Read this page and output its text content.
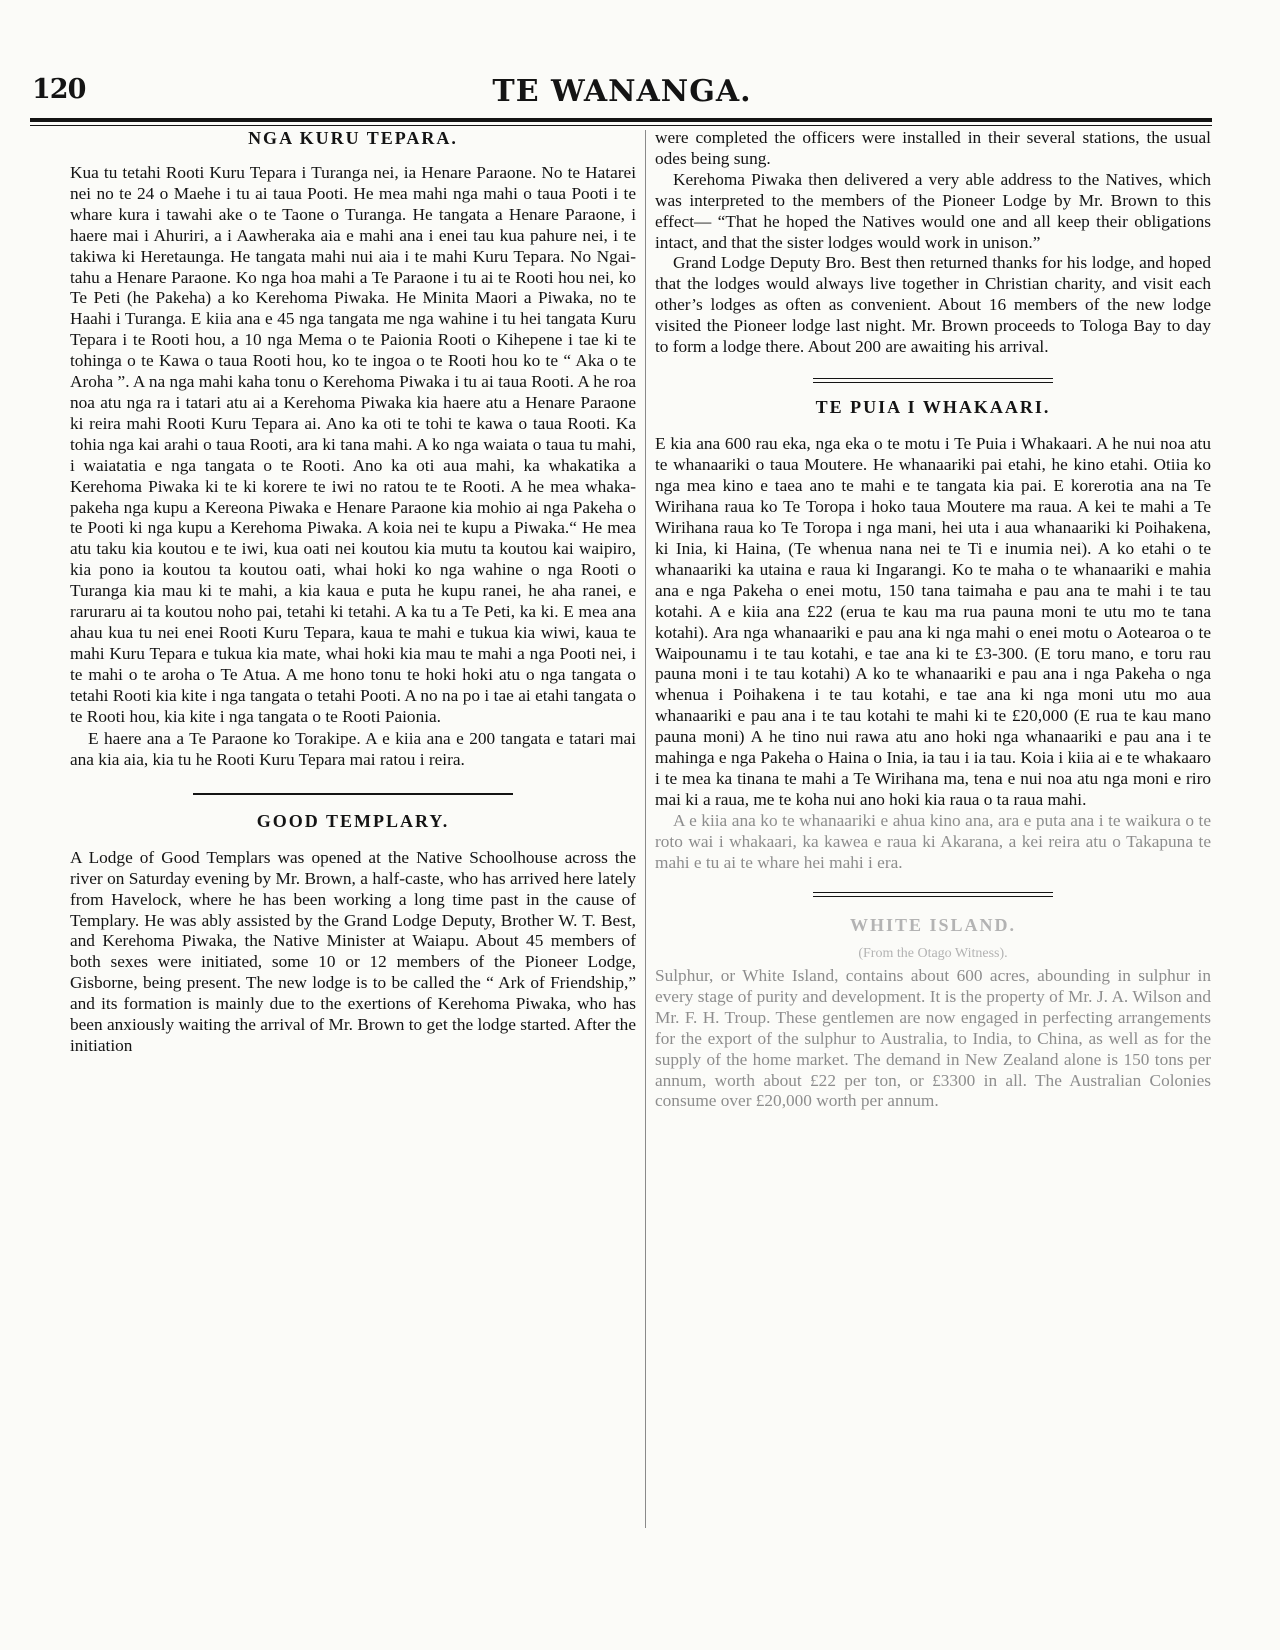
120	TE WANANGA.
NGA KURU TEPARA.

Kua tu tetahi Rooti Kuru Tepara i Turanga nei, ia Henare Paraone. No te Hatarei nei no te 24 o Maehe i tu ai taua Pooti. He mea mahi nga mahi o taua Pooti i te whare kura i tawahi ake o te Taone o Turanga. He tangata a Henare Paraone, i haere mai i Ahuriri, a i Aawheraka aia e mahi ana i enei tau kua pahure nei, i te takiwa ki Heretaunga. He tangata mahi nui aia i te mahi Kuru Tepara. No Ngai-tahu a Henare Paraone. Ko nga hoa mahi a Te Paraone i tu ai te Rooti hou nei, ko Te Peti (he Pakeha) a ko Kerehoma Piwaka. He Minita Maori a Piwaka, no te Haahi i Turanga. E kiia ana e 45 nga tangata me nga wahine i tu hei tangata Kuru Tepara i te Rooti hou, a 10 nga Mema o te Paionia Rooti o Kihepene i tae ki te tohinga o te Kawa o taua Rooti hou, ko te ingoa o te Rooti hou ko te “ Aka o te Aroha ”. A na nga mahi kaha tonu o Kerehoma Piwaka i tu ai taua Rooti. A he roa noa atu nga ra i tatari atu ai a Kerehoma Piwaka kia haere atu a Henare Paraone ki reira mahi Rooti Kuru Tepara ai. Ano ka oti te tohi te kawa o taua Rooti. Ka tohia nga kai arahi o taua Rooti, ara ki tana mahi. A ko nga waiata o taua tu mahi, i waiatatia e nga tangata o te Rooti. Ano ka oti aua mahi, ka whakatika a Kerehoma Piwaka ki te ki korere te iwi no ratou te te Rooti. A he mea whaka-pakeha nga kupu a Kereona Piwaka e Henare Paraone kia mohio ai nga Pakeha o te Pooti ki nga kupu a Kerehoma Piwaka. A koia nei te kupu a Piwaka.“ He mea atu taku kia koutou e te iwi, kua oati nei koutou kia mutu ta koutou kai waipiro, kia pono ia koutou ta koutou oati, whai hoki ko nga wahine o nga Rooti o Turanga kia mau ki te mahi, a kia kaua e puta he kupu ranei, he aha ranei, e raruraru ai ta koutou noho pai, tetahi ki tetahi. A ka tu a Te Peti, ka ki. E mea ana ahau kua tu nei enei Rooti Kuru Tepara, kaua te mahi e tukua kia wiwi, kaua te mahi Kuru Tepara e tukua kia mate, whai hoki kia mau te mahi a nga Pooti nei, i te mahi o te aroha o Te Atua. A me hono tonu te hoki hoki atu o nga tangata o tetahi Rooti kia kite i nga tangata o tetahi Pooti. A no na po i tae ai etahi tangata o te Rooti hou, kia kite i nga tangata o te Rooti Paionia.

E haere ana a Te Paraone ko Torakipe. A e kiia ana e 200 tangata e tatari mai ana kia aia, kia tu he Rooti Kuru Tepara mai ratou i reira.

GOOD TEMPLARY.

A Lodge of Good Templars was opened at the Native Schoolhouse across the river on Saturday evening by Mr. Brown, a half-caste, who has arrived here lately from Havelock, where he has been working a long time past in the cause of Templary. He was ably assisted by the Grand Lodge Deputy, Brother W. T. Best, and Kerehoma Piwaka, the Native Minister at Waiapu. About 45 members of both sexes were initiated, some 10 or 12 members of the Pioneer Lodge, Gisborne, being present. The new lodge is to be called the “ Ark of Friendship,” and its formation is mainly due to the exertions of Kerehoma Piwaka, who has been anxiously waiting the arrival of Mr. Brown to get the lodge started. After the initiation

were completed the officers were installed in their several stations, the usual odes being sung.

Kerehoma Piwaka then delivered a very able address to the Natives, which was interpreted to the members of the Pioneer Lodge by Mr. Brown to this effect— “That he hoped the Natives would one and all keep their obligations intact, and that the sister lodges would work in unison.”

Grand Lodge Deputy Bro. Best then returned thanks for his lodge, and hoped that the lodges would always live together in Christian charity, and visit each other’s lodges as often as convenient. About 16 members of the new lodge visited the Pioneer lodge last night. Mr. Brown proceeds to Tologa Bay to day to form a lodge there. About 200 are awaiting his arrival.

TE PUIA I WHAKAARI.

E kia ana 600 rau eka, nga eka o te motu i Te Puia i Whakaari. A he nui noa atu te whanaariki o taua Moutere. He whanaariki pai etahi, he kino etahi. Otiia ko nga mea kino e taea ano te mahi e te tangata kia pai. E korerotia ana na Te Wirihana raua ko Te Toropa i hoko taua Moutere ma raua. A kei te mahi a Te Wirihana raua ko Te Toropa i nga mani, hei uta i aua whanaariki ki Poihakena, ki Inia, ki Haina, (Te whenua nana nei te Ti e inumia nei). A ko etahi o te whanaariki ka utaina e raua ki Ingarangi. Ko te maha o te whanaariki e mahia ana e nga Pakeha o enei motu, 150 tana taimaha e pau ana te mahi i te tau kotahi. A e kiia ana £22 (erua te kau ma rua pauna moni te utu mo te tana kotahi). Ara nga whanaariki e pau ana ki nga mahi o enei motu o Aotearoa o te Waipounamu i te tau kotahi, e tae ana ki te £3-300. (E toru mano, e toru rau pauna moni i te tau kotahi) A ko te whanaariki e pau ana i nga Pakeha o nga whenua i Poihakena i te tau kotahi, e tae ana ki nga moni utu mo aua whanaariki e pau ana i te tau kotahi te mahi ki te £20,000 (E rua te kau mano pauna moni) A he tino nui rawa atu ano hoki nga whanaariki e pau ana i te mahinga e nga Pakeha o Haina o Inia, ia tau i ia tau. Koia i kiia ai e te whakaaro i te mea ka tinana te mahi a Te Wirihana ma, tena e nui noa atu nga moni e riro mai ki a raua, me te koha nui ano hoki kia raua o ta raua mahi.

A e kiia ana ko te whanaariki e ahua kino ana, ara e puta ana i te waikura o te roto wai i whakaari, ka kawea e raua ki Akarana, a kei reira atu o Takapuna te mahi e tu ai te whare hei mahi i era.

WHITE ISLAND.

(From the Otago Witness).

Sulphur, or White Island, contains about 600 acres, abounding in sulphur in every stage of purity and development. It is the property of Mr. J. A. Wilson and Mr. F. H. Troup. These gentlemen are now engaged in perfecting arrangements for the export of the sulphur to Australia, to India, to China, as well as for the supply of the home market. The demand in New Zealand alone is 150 tons per annum, worth about £22 per ton, or £3300 in all. The Australian Colonies consume over £20,000 worth per annum.
